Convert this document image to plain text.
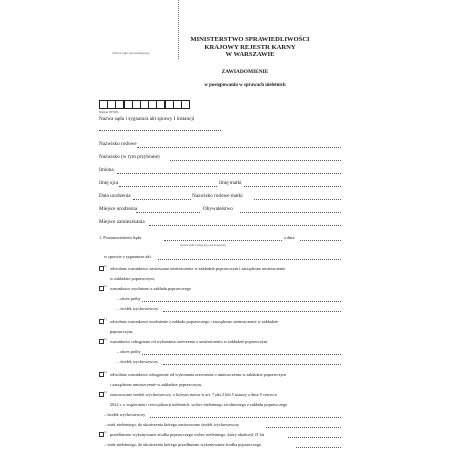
Nazwa sądu sporządzającego
MINISTERSTWO SPRAWIEDLIWOŚCI
KRAJOWY REJESTR KARNY
W WARSZAWIE
ZAWIADOMIENIE
w postępowaniu w sprawach nieletnich
Numer PESEL
Nazwa sądu i sygnatura akt sprawy I instancji
Nazwisko rodowe
Nazwisko (w tym przybrane)
Imiona
Imię ojca	Imię matki
Data urodzenia	Nazwisko rodowe matki
Miejsce urodzenia	Obywatelstwo
Miejsce zamieszkania
1. Postanowieniem Sądu	z dnia
(nazwa sądu wydającego postanowienie)
w sprawie o sygnaturze akt
1) odwołano warunkowo zawieszone umieszczenie w zakładzie poprawczym i zarządzono umieszczenie
w zakładzie poprawczym,
1) warunkowo zwolniono z zakładu poprawczego
– okres próby
– środek wychowawczy
1) odwołano warunkowe zwolnienie z zakładu poprawczego i zarządzono umieszczenie w zakładzie
poprawczym,
1) warunkowo odstąpiono od wykonania orzeczenia o umieszczeniu w zakładzie poprawczym
– okres próby
– środek wychowawczy
1) odwołano warunkowe odstąpienie od wykonania orzeczenia o umieszczeniu w zakładzie poprawczym
i zarządzono umieszczenie w zakładzie poprawczym,
1) zastosowano środek wychowawczy, o którym mowa w art. 7 pkt 2 lub 5 ustawy z dnia 9 czerwca
2022 r. o wspieraniu i resocjalizacji nieletnich, wobec nieletniego zwolnionego z zakładu poprawczego
– środek wychowawczy
– wiek nieletniego, do ukończenia którego zastosowano środek wychowawczy
1) przedłużono wykonywanie środka poprawczego wobec nieletniego, który ukończył 21 lat
– wiek nieletniego, do ukończenia którego przedłużono wykonywanie środka poprawczego
